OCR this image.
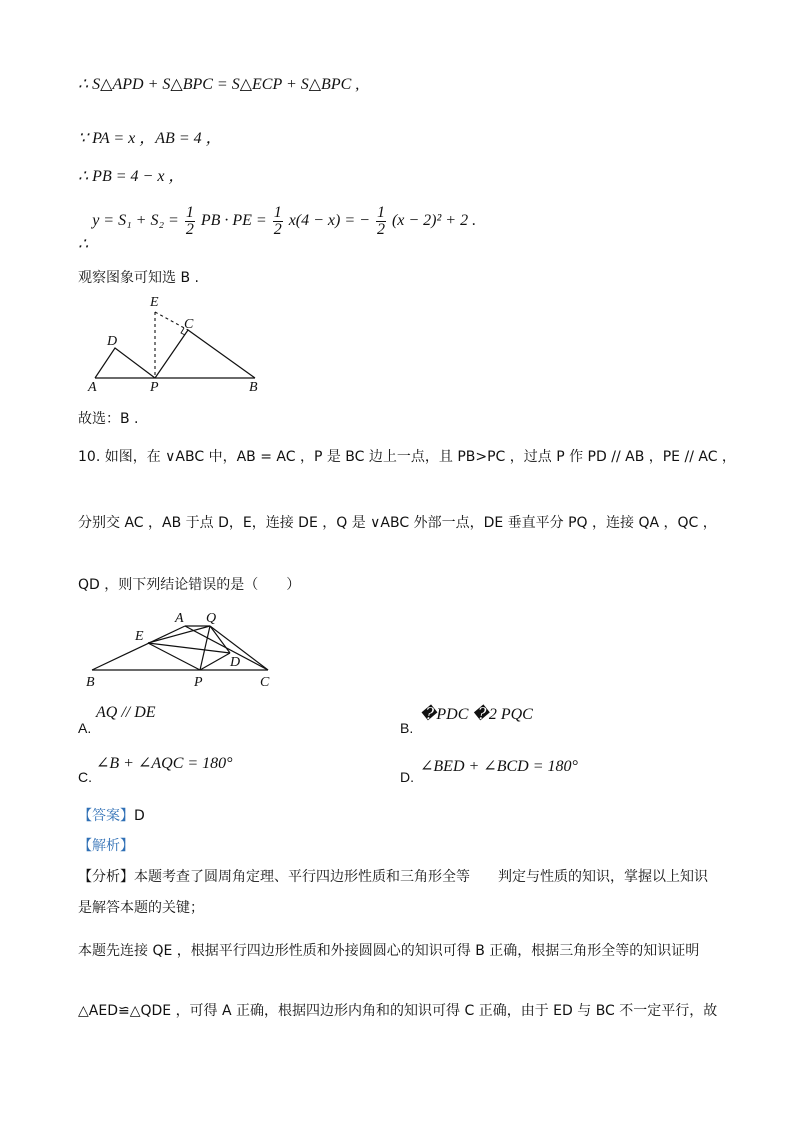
∴ S△APD + S△BPC = S△ECP + S△BPC ,
∵ PA = x ，AB = 4 ，
∴ PB = 4 − x ，
∴ $y = S_1 + S_2 = \frac{1}{2}$ PB · PE = $\frac{1}{2} x(4 - x)$ = − $\frac{1}{2} (x - 2)^2 + 2$ .
观察图象可知选 B .
E
C
D
A	P	B
故选：B .
10. 如图，在 ∨ABC 中，AB = AC ，P 是 BC 边上一点，且 PB>PC ，过点 P 作 PD // AB ，PE // AC ，
分别交 AC ，AB 于点 D，E，连接 DE ，Q 是 ∨ABC 外部一点，DE 垂直平分 PQ ，连接 QA ，QC ，
QD ，则下列结论错误的是（　　）
A Q
E
D
B	P	C
A.
AQ // DE
B.
�PDC �2 PQC
C.
∠B + ∠AQC = 180°
D.
∠BED + ∠BCD = 180°
【答案】D
【解析】
【分析】本题考查了圆周角定理、平行四边形性质和三角形全等　　判定与性质的知识，掌握以上知识
是解答本题的关键；
本题先连接 QE ，根据平行四边形性质和外接圆圆心的知识可得 B 正确，根据三角形全等的知识证明
△AED≌△QDE ，可得 A 正确，根据四边形内角和的知识可得 C 正确，由于 ED 与 BC 不一定平行，故
